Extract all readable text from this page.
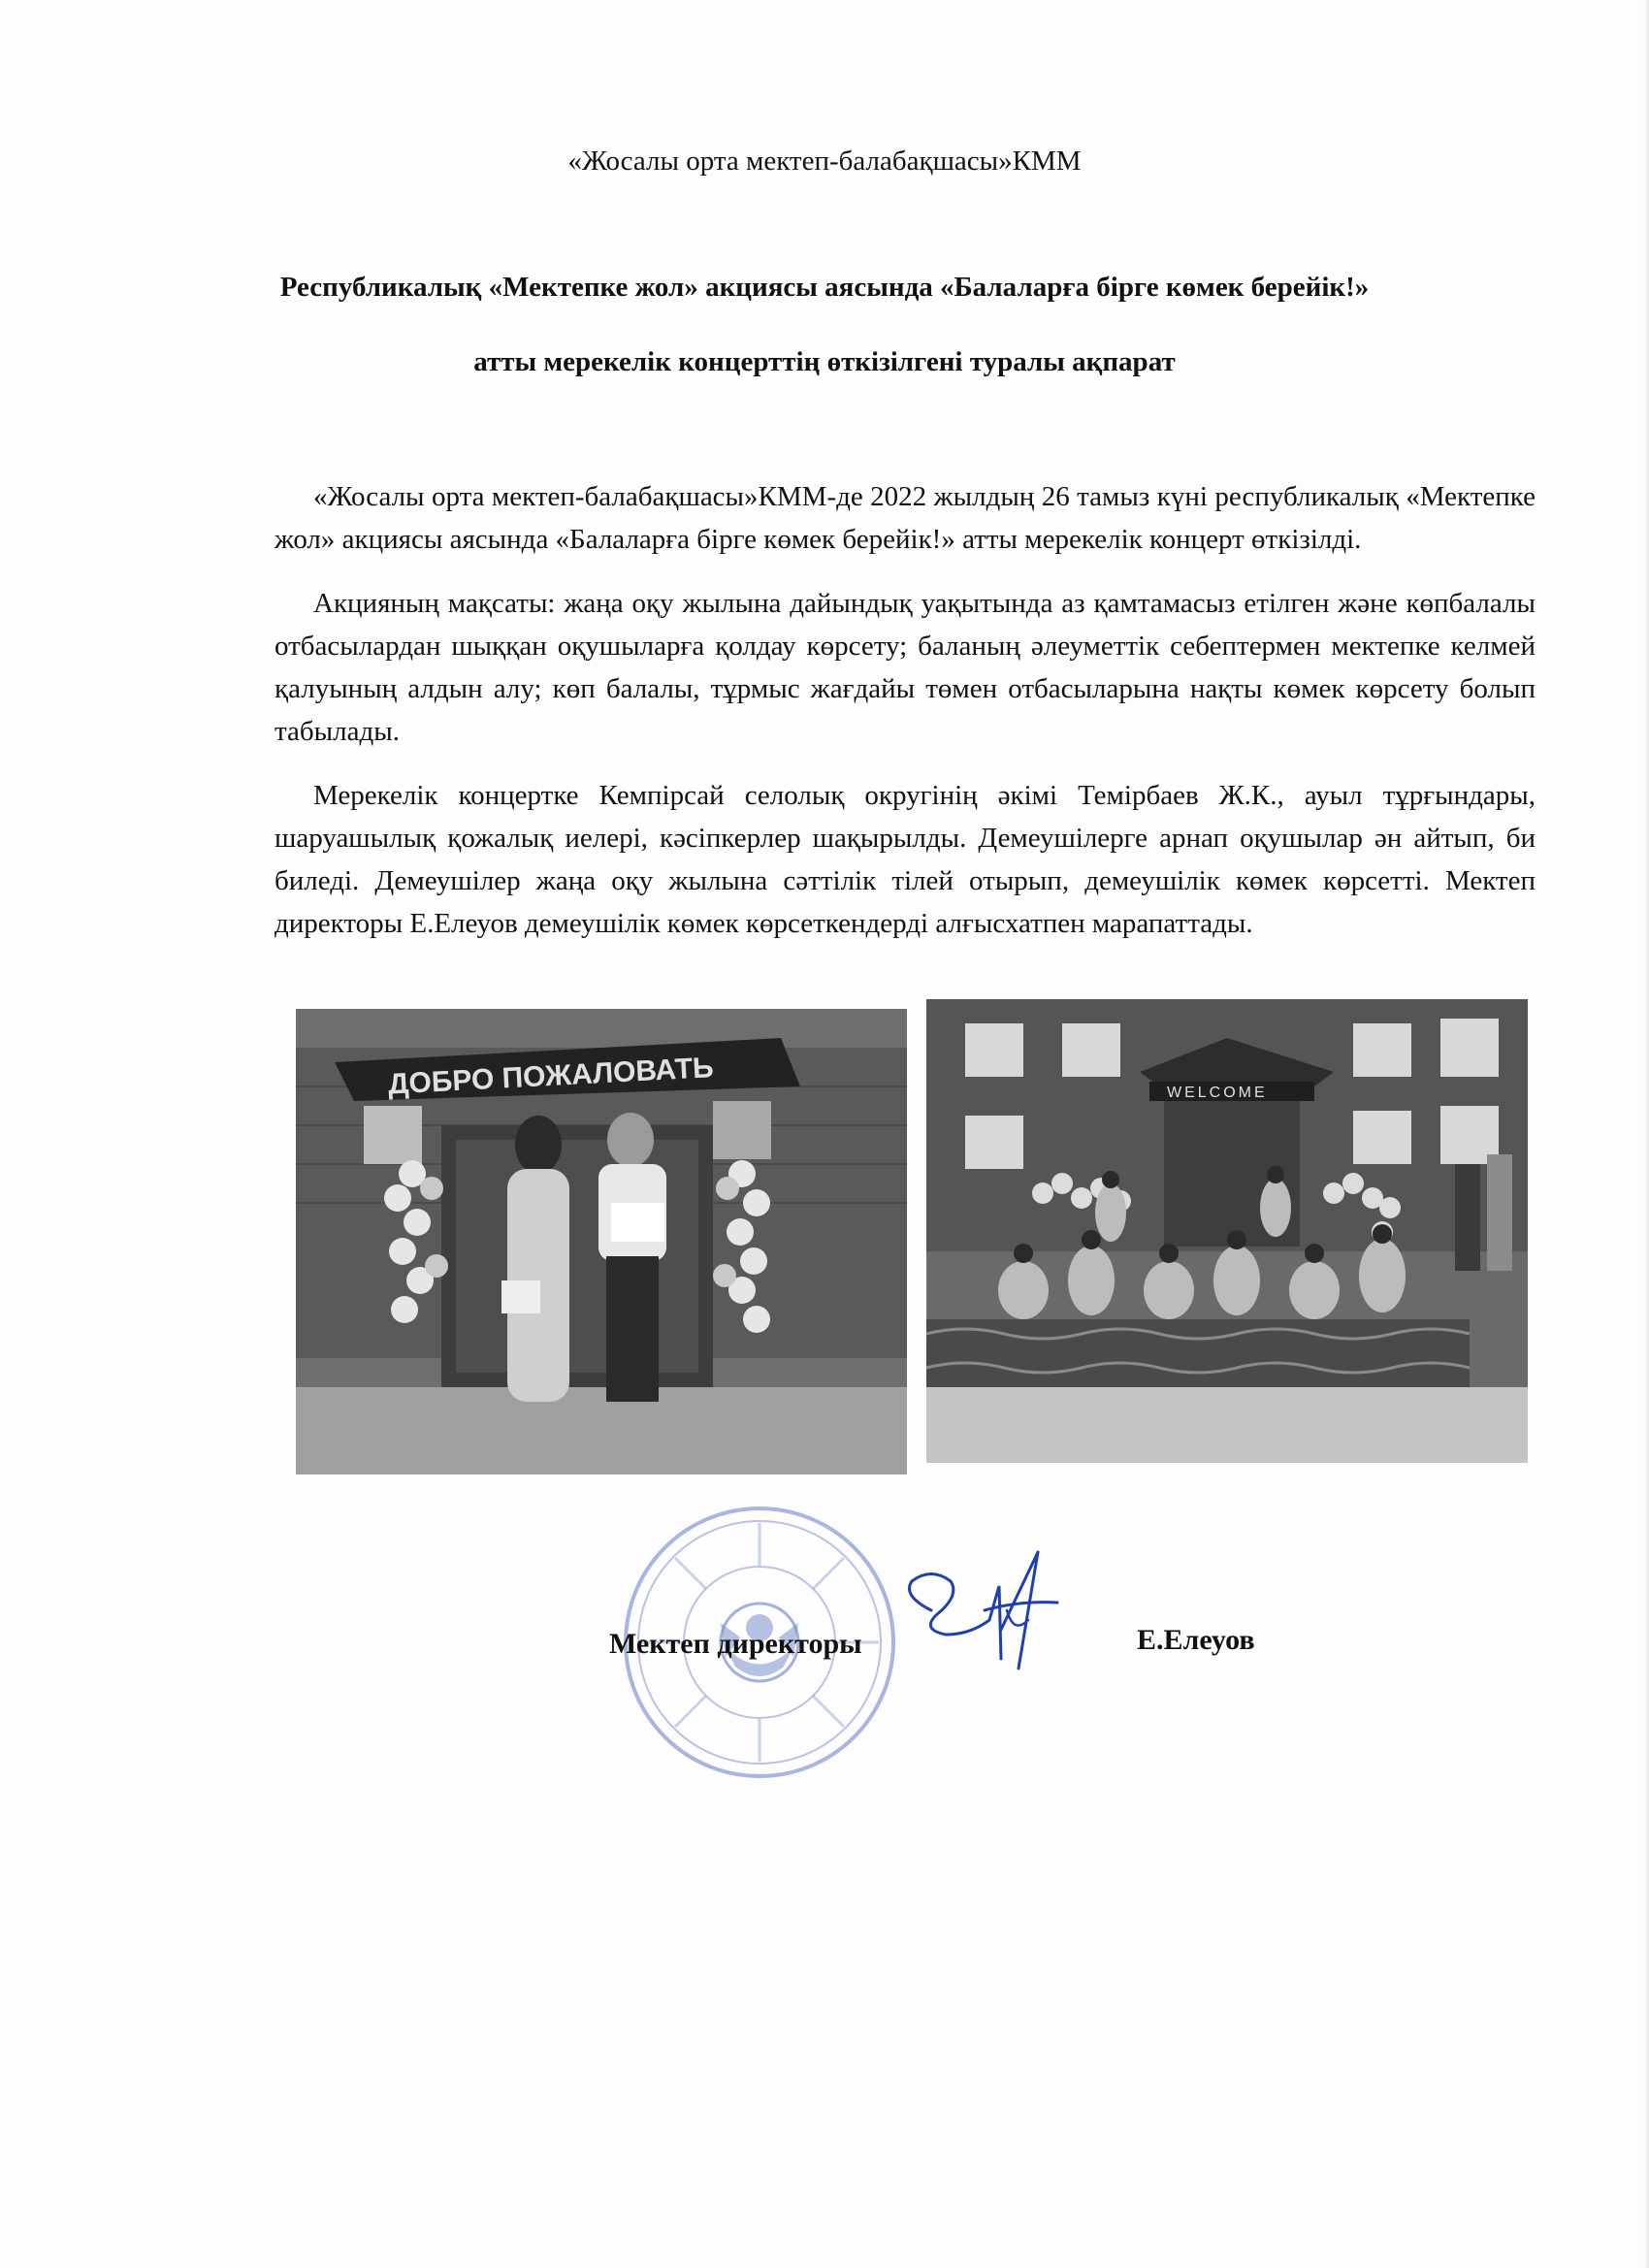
«Жосалы орта мектеп-балабақшасы»КММ
Республикалық «Мектепке жол» акциясы аясында «Балаларға бірге көмек берейік!»
атты мерекелік концерттің өткізілгені туралы ақпарат

«Жосалы орта мектеп-балабақшасы»КММ-де 2022 жылдың 26 тамыз күні республикалық «Мектепке жол» акциясы аясында «Балаларға бірге көмек берейік!» атты мерекелік концерт өткізілді.

Акцияның мақсаты: жаңа оқу жылына дайындық уақытында аз қамтамасыз етілген және көпбалалы отбасылардан шыққан оқушыларға қолдау көрсету; баланың әлеуметтік себептермен мектепке келмей қалуының алдын алу; көп балалы, тұрмыс жағдайы төмен отбасыларына нақты көмек көрсету болып табылады.

Мерекелік концертке Кемпірсай селолық округінің әкімі Темірбаев Ж.К., ауыл тұрғындары, шаруашылық қожалық иелері, кәсіпкерлер шақырылды. Демеушілерге арнап оқушылар ән айтып, би биледі. Демеушілер жаңа оқу жылына сәттілік тілей отырып, демеушілік көмек көрсетті. Мектеп директоры Е.Елеуов демеушілік көмек көрсеткендерді алғысхатпен марапаттады.

ДОБРО ПОЖАЛОВАТЬ	WELCOME
Мектеп директоры	Е.Елеуов
